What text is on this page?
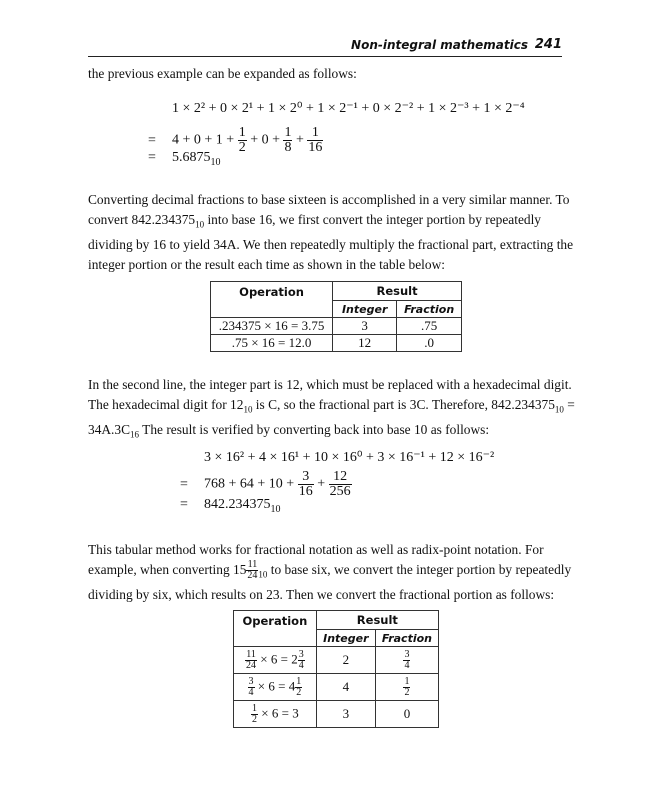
Non-integral mathematics 241
the previous example can be expanded as follows:
1 × 2² + 0 × 2¹ + 1 × 2⁰ + 1 × 2⁻¹ + 0 × 2⁻² + 1 × 2⁻³ + 1 × 2⁻⁴
= $4 + 0 + 1 + \frac{1}{2} + 0 + \frac{1}{8} + \frac{1}{16}$
= $5.6875_{10}$
Converting decimal fractions to base sixteen is accomplished in a very similar manner. To convert $842.234375_{10}$ into base 16, we first convert the integer portion by repeatedly dividing by 16 to yield 34A. We then repeatedly multiply the fractional part, extracting the integer portion or the result each time as shown in the table below:
Operation	Result	
	Integer	Fraction
.234375 × 16 = 3.75	3	.75
.75 × 16 = 12.0	12	.0
In the second line, the integer part is 12, which must be replaced with a hexadecimal digit. The hexadecimal digit for $12_{10}$ is C, so the fractional part is 3C. Therefore, $842.234375_{10} = 34A.3C_{16}$ The result is verified by converting back into base 10 as follows:
3 × 16² + 4 × 16¹ + 10 × 16⁰ + 3 × 16⁻¹ + 12 × 16⁻²
= $768 + 64 + 10 + \frac{3}{16} + \frac{12}{256}$
= $842.234375_{10}$
This tabular method works for fractional notation as well as radix-point notation. For example, when converting $15 \frac{11}{24} _{10}$ to base six, we convert the integer portion by repeatedly dividing by six, which results on 23. Then we convert the fractional portion as follows:
Operation	Result	
	Integer	Fraction

$\frac{11}{24} \times 6 = 2 \frac{3}{4}$	2	$\frac{3}{4}$

$\frac{3}{4} \times 6 = 4 \frac{1}{2}$	4	$\frac{1}{2}$

$\frac{1}{2} \times 6 = 3$	3	0
